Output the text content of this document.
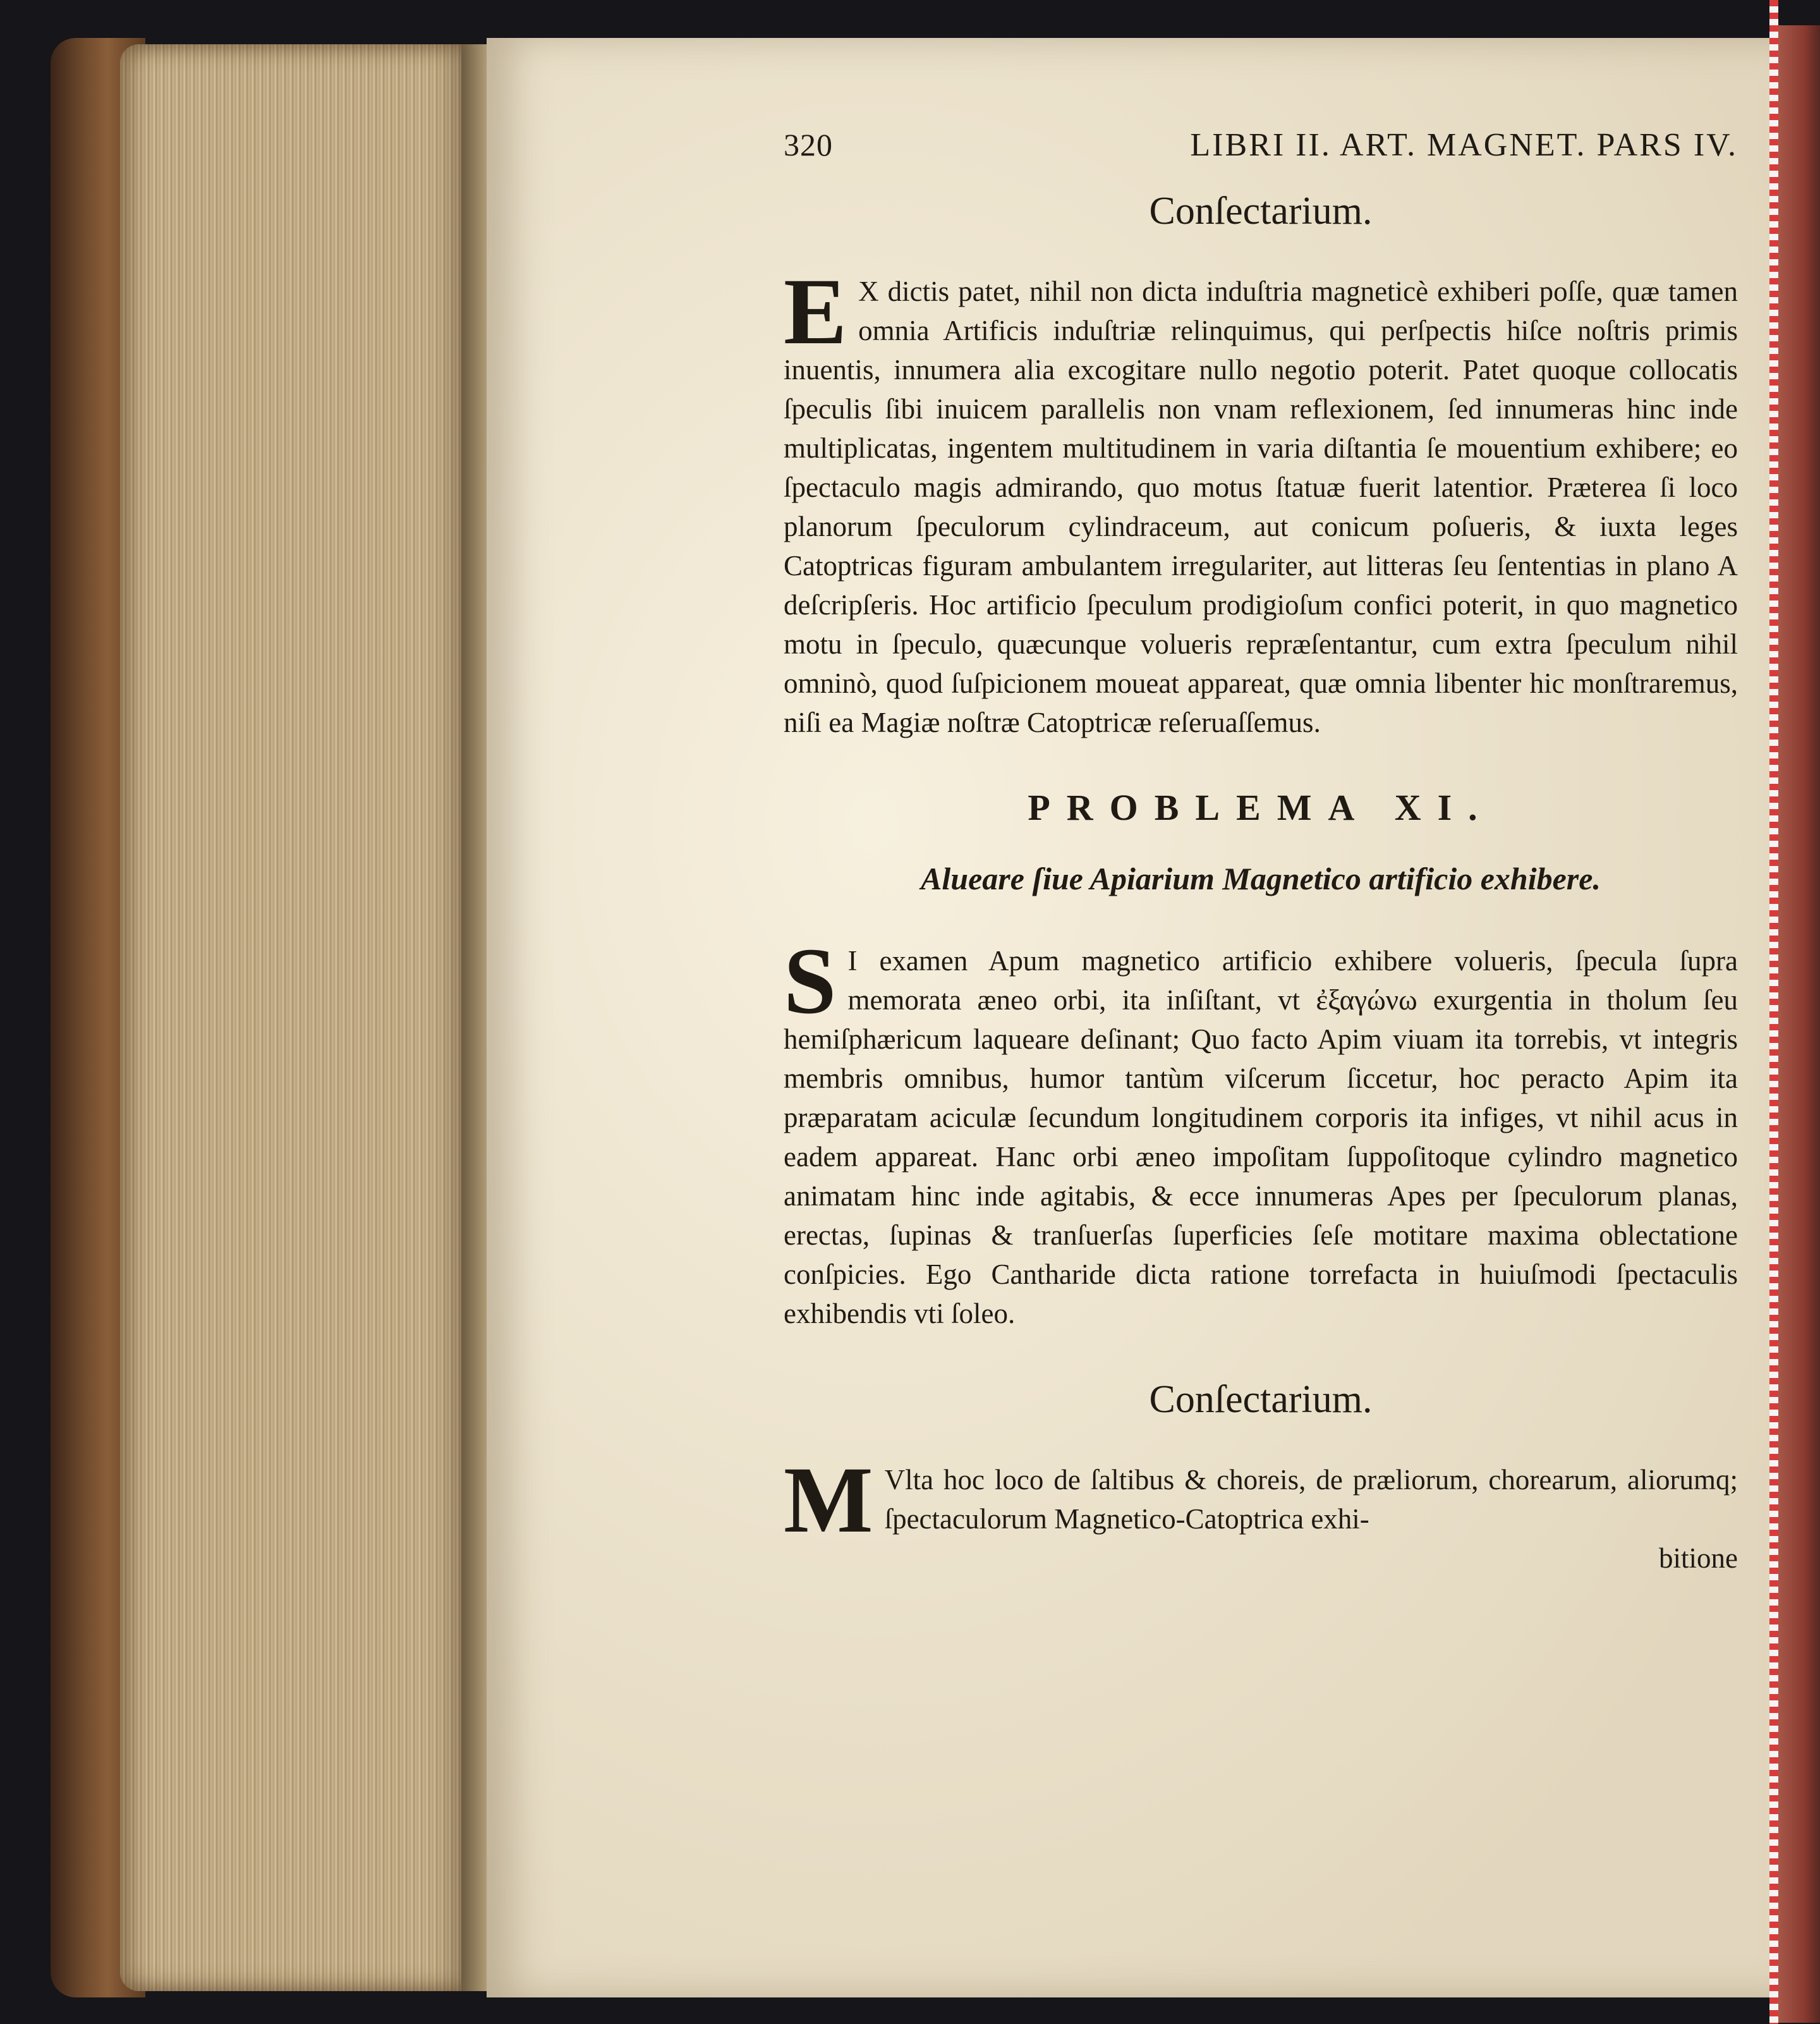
320	LIBRI II. ART. MAGNET. PARS IV.
Conſectarium.
E X dictis patet, nihil non dicta induſtria magneticè exhiberi poſſe, quæ tamen omnia Artificis induſtriæ relinquimus, qui perſpectis hiſce noſtris primis inuentis, innumera alia excogitare nullo negotio poterit. Patet quoque collocatis ſpeculis ſibi inuicem parallelis non vnam reflexionem, ſed innumeras hinc inde multiplicatas, ingentem multitudinem in varia diſtantia ſe mouentium exhibere; eo ſpectaculo magis admirando, quo motus ſtatuæ fuerit latentior. Præterea ſi loco planorum ſpeculorum cylindraceum, aut conicum poſueris, & iuxta leges Catoptricas figuram ambulantem irregulariter, aut litteras ſeu ſententias in plano A deſcripſeris. Hoc artificio ſpeculum prodigioſum confici poterit, in quo magnetico motu in ſpeculo, quæcunque volueris repræſentantur, cum extra ſpeculum nihil omninò, quod ſuſpicionem moueat appareat, quæ omnia libenter hic monſtraremus, niſi ea Magiæ noſtræ Catoptricæ reſeruaſſemus.
PROBLEMA XI.
Alueare ſiue Apiarium Magnetico artificio exhibere.
S I examen Apum magnetico artificio exhibere volueris, ſpecula ſupra memorata æneo orbi, ita inſiſtant, vt ἐξαγώνω exurgentia in tholum ſeu hemiſphæricum laqueare deſinant; Quo facto Apim viuam ita torrebis, vt integris membris omnibus, humor tantùm viſcerum ſiccetur, hoc peracto Apim ita præparatam aciculæ ſecundum longitudinem corporis ita infiges, vt nihil acus in eadem appareat. Hanc orbi æneo impoſitam ſuppoſitoque cylindro magnetico animatam hinc inde agitabis, & ecce innumeras Apes per ſpeculorum planas, erectas, ſupinas & tranſuerſas ſuperficies ſeſe motitare maxima oblectatione conſpicies. Ego Cantharide dicta ratione torrefacta in huiuſmodi ſpectaculis exhibendis vti ſoleo.
Conſectarium.
M Vlta hoc loco de ſaltibus & choreis, de præliorum, chorearum, aliorumq; ſpectaculorum Magnetico-Catoptrica exhi-
bitione
